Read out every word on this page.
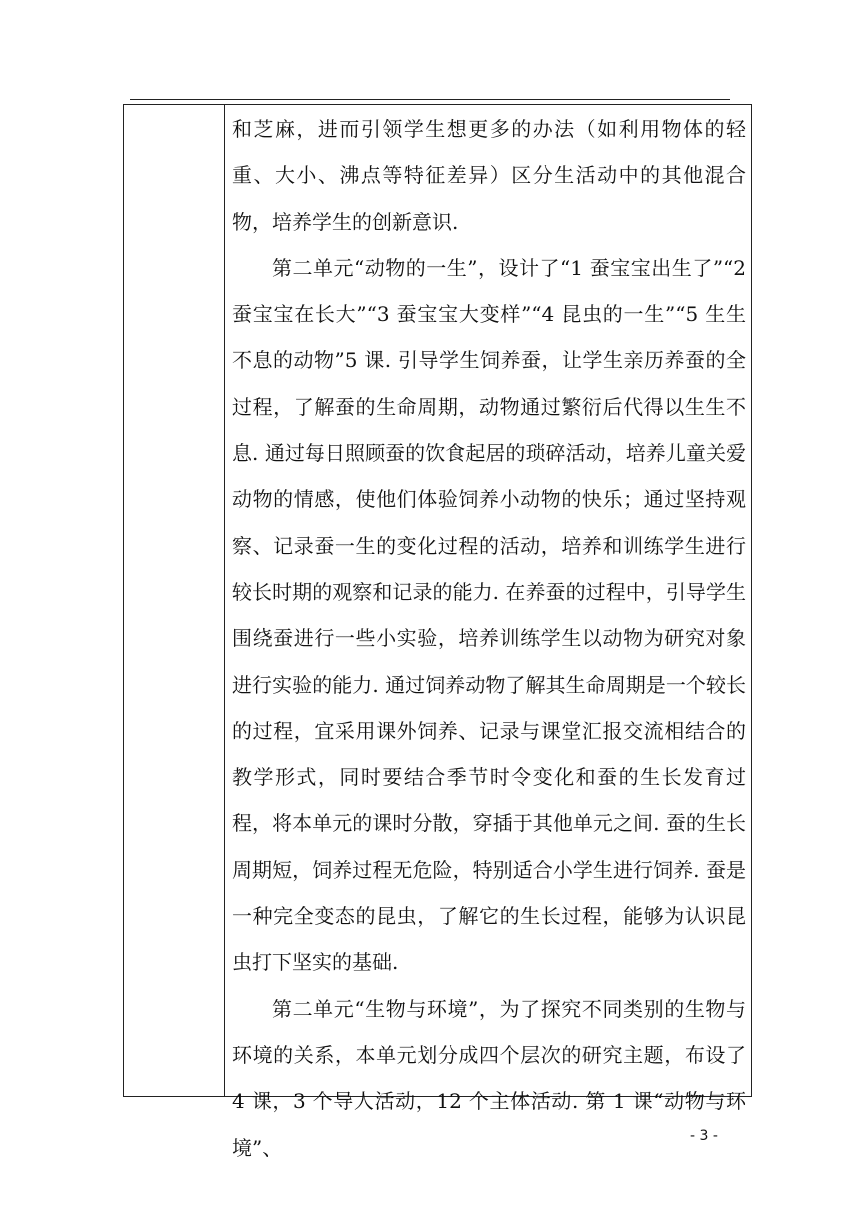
和芝麻，进而引领学生想更多的办法（如利用物体的轻重、大小、沸点等特征差异）区分生活动中的其他混合物，培养学生的创新意识.

第二单元“动物的一生”，设计了“1 蚕宝宝出生了”“2 蚕宝宝在长大”“3 蚕宝宝大变样”“4 昆虫的一生”“5 生生不息的动物”5 课. 引导学生饲养蚕，让学生亲历养蚕的全过程，了解蚕的生命周期，动物通过繁衍后代得以生生不息. 通过每日照顾蚕的饮食起居的琐碎活动，培养儿童关爱动物的情感，使他们体验饲养小动物的快乐；通过坚持观察、记录蚕一生的变化过程的活动，培养和训练学生进行较长时期的观察和记录的能力. 在养蚕的过程中，引导学生围绕蚕进行一些小实验，培养训练学生以动物为研究对象进行实验的能力. 通过饲养动物了解其生命周期是一个较长的过程，宜采用课外饲养、记录与课堂汇报交流相结合的教学形式，同时要结合季节时令变化和蚕的生长发育过程，将本单元的课时分散，穿插于其他单元之间. 蚕的生长周期短，饲养过程无危险，特别适合小学生进行饲养. 蚕是一种完全变态的昆虫，了解它的生长过程，能够为认识昆虫打下坚实的基础.

第二单元“生物与环境”，为了探究不同类别的生物与环境的关系，本单元划分成四个层次的研究主题，布设了 4 课，3 个导人活动，12 个主体活动. 第 1 课“动物与环境”、	- 3 -
